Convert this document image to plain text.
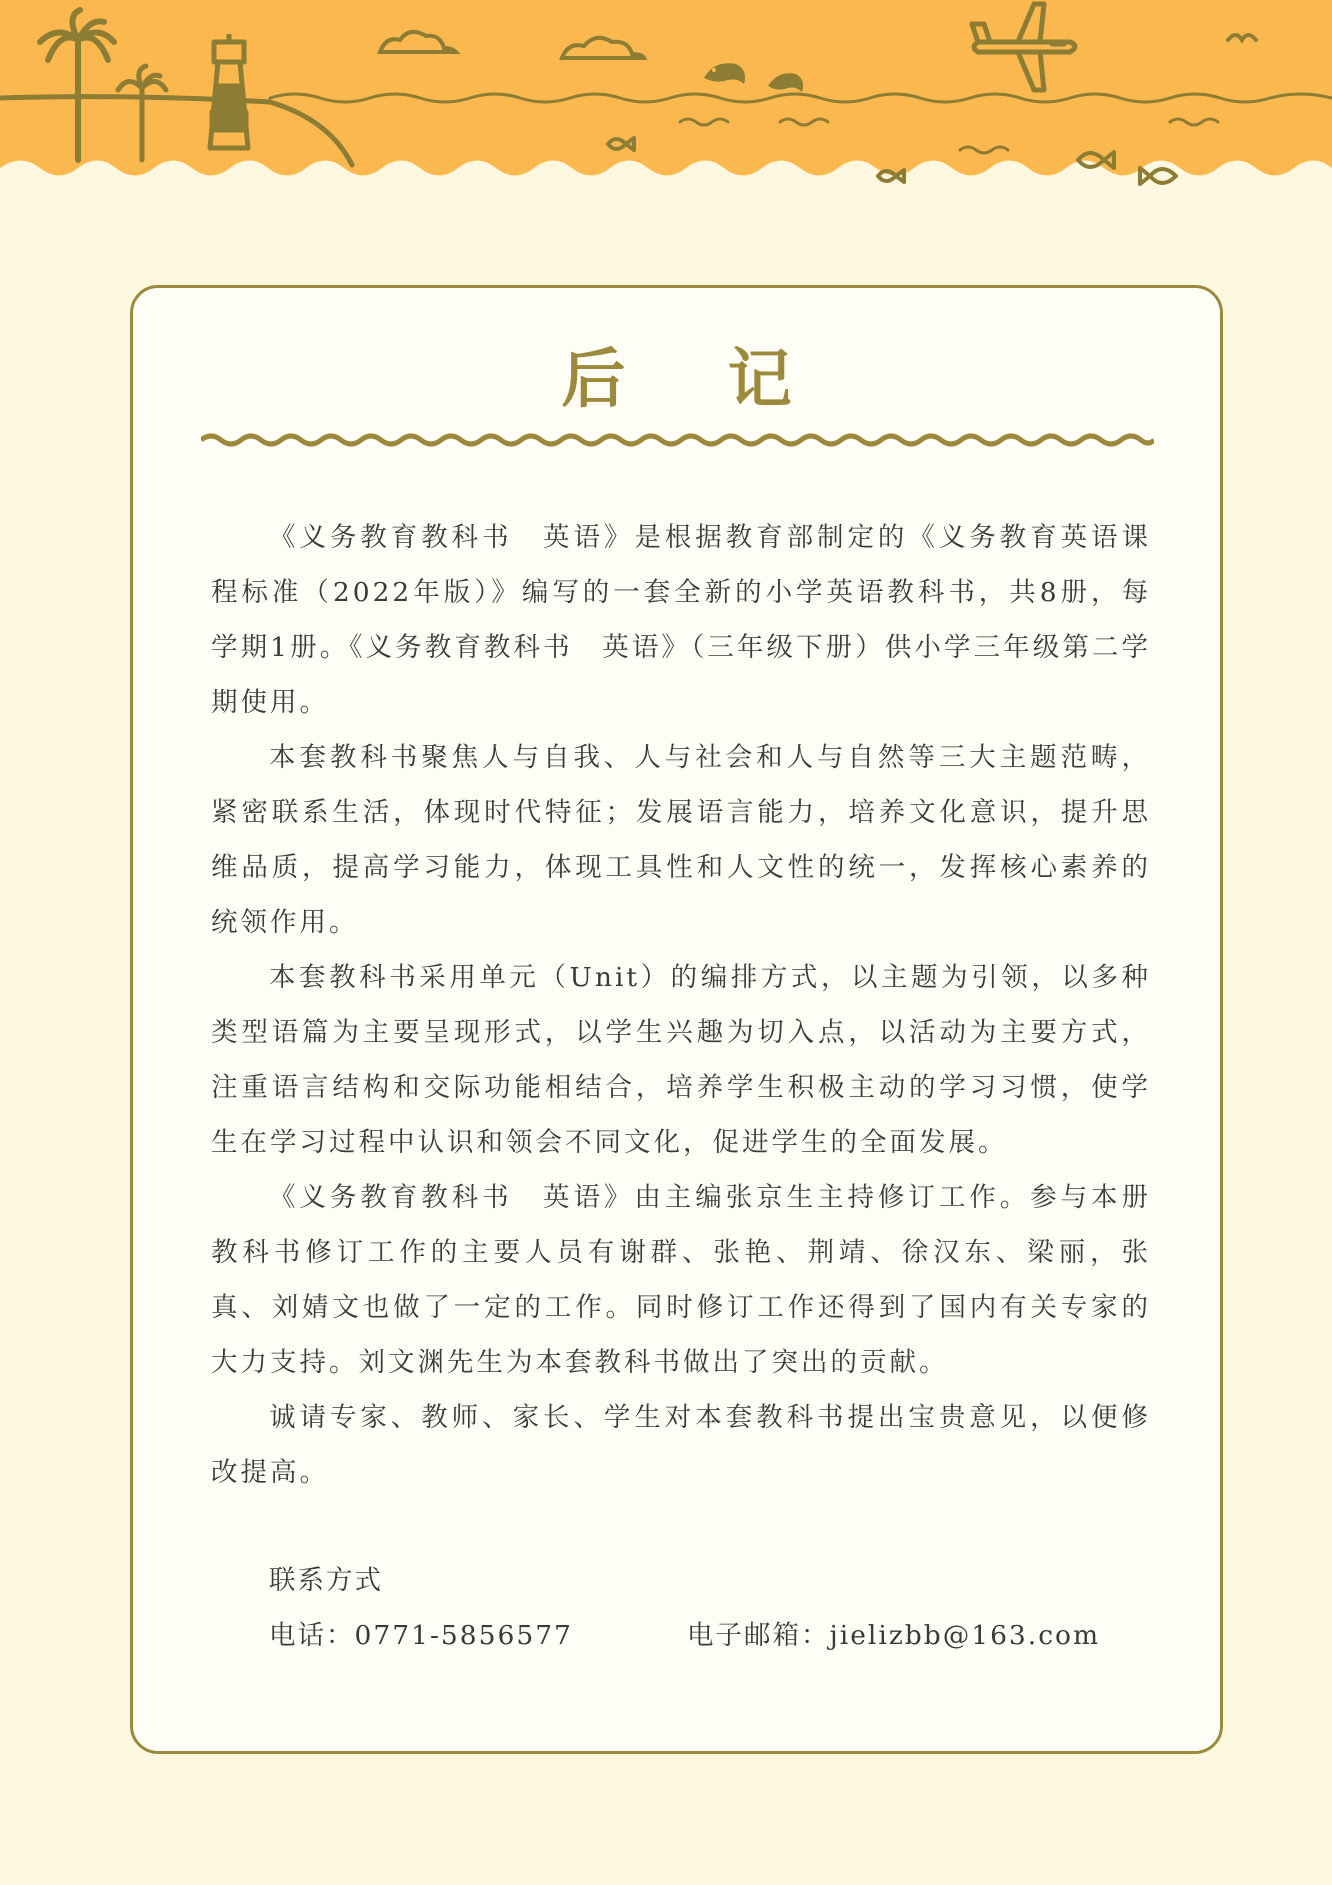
后 记

《义务教育教科书　英语》是根据教育部制定的《义务教育英语课程标准（2022年版）》编写的一套全新的小学英语教科书，共8册，每学期1册。《义务教育教科书　英语》（三年级下册）供小学三年级第二学期使用。

本套教科书聚焦人与自我、人与社会和人与自然等三大主题范畴，紧密联系生活，体现时代特征；发展语言能力，培养文化意识，提升思维品质，提高学习能力，体现工具性和人文性的统一，发挥核心素养的统领作用。

本套教科书采用单元（Unit）的编排方式，以主题为引领，以多种类型语篇为主要呈现形式，以学生兴趣为切入点，以活动为主要方式，注重语言结构和交际功能相结合，培养学生积极主动的学习习惯，使学生在学习过程中认识和领会不同文化，促进学生的全面发展。

《义务教育教科书　英语》由主编张京生主持修订工作。参与本册教科书修订工作的主要人员有谢群、张艳、荆靖、徐汉东、梁丽，张真、刘婧文也做了一定的工作。同时修订工作还得到了国内有关专家的大力支持。刘文渊先生为本套教科书做出了突出的贡献。

诚请专家、教师、家长、学生对本套教科书提出宝贵意见，以便修改提高。

联系方式

电话：0771-5856577	电子邮箱：jielizbb@163.com
